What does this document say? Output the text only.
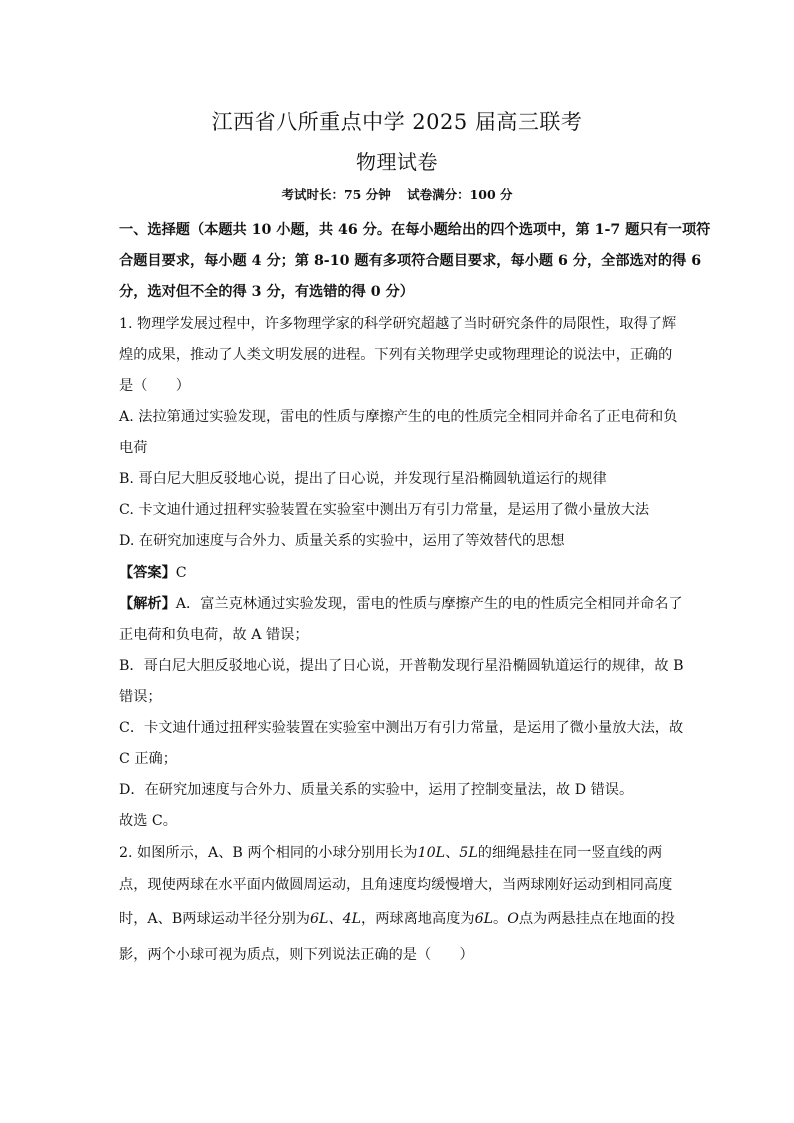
江西省八所重点中学 2025 届高三联考
物理试卷
考试时长：75 分钟 试卷满分：100 分
一、选择题（本题共 10 小题，共 46 分。在每小题给出的四个选项中，第 1-7 题只有一项符
合题目要求，每小题 4 分；第 8-10 题有多项符合题目要求，每小题 6 分，全部选对的得 6
分，选对但不全的得 3 分，有选错的得 0 分）
1. 物理学发展过程中，许多物理学家的科学研究超越了当时研究条件的局限性，取得了辉
煌的成果，推动了人类文明发展的进程。下列有关物理学史或物理理论的说法中，正确的
是（　　）
A. 法拉第通过实验发现，雷电的性质与摩擦产生的电的性质完全相同并命名了正电荷和负
电荷
B. 哥白尼大胆反驳地心说，提出了日心说，并发现行星沿椭圆轨道运行的规律
C. 卡文迪什通过扭秤实验装置在实验室中测出万有引力常量，是运用了微小量放大法
D. 在研究加速度与合外力、质量关系的实验中，运用了等效替代的思想
【答案】C
【解析】A．富兰克林通过实验发现，雷电的性质与摩擦产生的电的性质完全相同并命名了
正电荷和负电荷，故 A 错误；
B．哥白尼大胆反驳地心说，提出了日心说，开普勒发现行星沿椭圆轨道运行的规律，故 B
错误；
C．卡文迪什通过扭秤实验装置在实验室中测出万有引力常量，是运用了微小量放大法，故
C 正确；
D．在研究加速度与合外力、质量关系的实验中，运用了控制变量法，故 D 错误。
故选 C。
2. 如图所示，A、B 两个相同的小球分别用长为10L、5L的细绳悬挂在同一竖直线的两
点，现使两球在水平面内做圆周运动，且角速度均缓慢增大，当两球刚好运动到相同高度
时，A、B两球运动半径分别为6L、4L，两球离地高度为6L。O点为两悬挂点在地面的投
影，两个小球可视为质点，则下列说法正确的是（　　）
